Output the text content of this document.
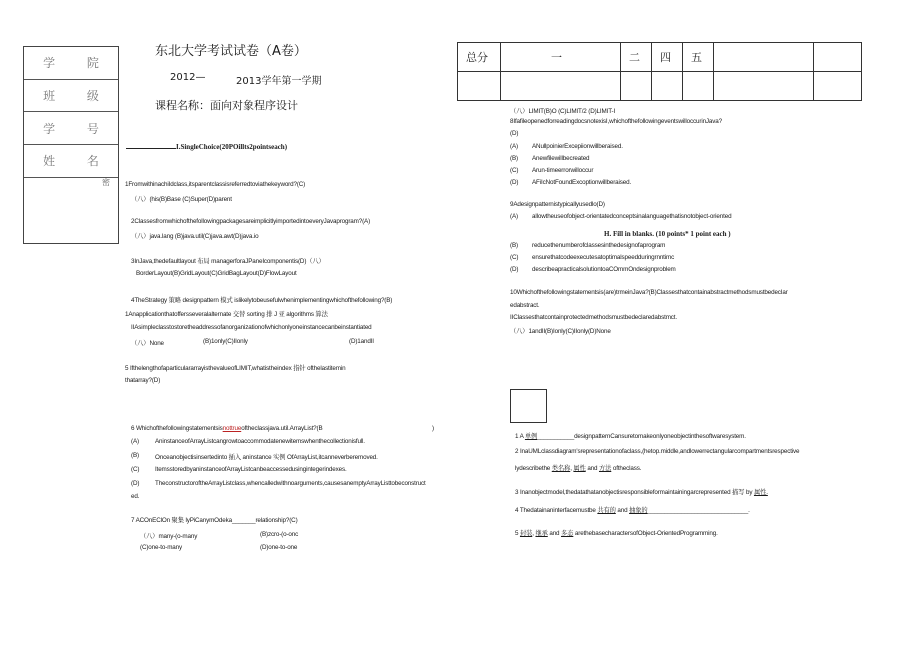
学 院
班 级
学 号
姓 名
密
东北大学考试试卷（A卷）
2012—	2013学年第一学期
课程名称：面向对象程序设计
总分	一	二	四	五		

I.SingleChoice(20POillts2pointseach)
1FromwithinachiIdclass,itsparentclassisreferredtoviathekeyword?(C)
（八）(his(B)Base (C)Super(D)parent
2ClassesfromwhichofthefollowingpackagesareimplicitlyimportedintoeveryJavaprogram?(A)
（八）java.lang (B)java.util(C)java.awt(D)java.io
3InJava,thedefaultlayout 布局 managerforaJPaneIcomponentis(D)（八）
BorderLayout(B)GridLayout(C)GridBagLayout(D)FlowLayout
4TheStrategy 策略 designpattern 模式 islikelytobeusefulwhenimplementingwhichofthefollowing?(B)
1Anapplicationthatoffersseveralalternate 交替 sorting 排 J 亚 algorithms 算法
IIAsimpleclasstostoretheaddressofanorganizationofwhichonlyoneinstancecanbeinstantiated
（八）None	(B)1only(C)IIonly	(D)1andII
5 IfthelengthofaparticulararrayisthevalueofLIMIT,whatistheindex 指针 ofthelastitemin
thatarray?(D)
6 Whichofthefollowingstatementsisnottrueoftheclassjava.util.ArrayList?(B	)
(A)	AninstanceofArrayListcangrowtoaccommodatenewitemswhenthecollectionisfull.
(B)	Onceanobjectisinsertedinto 插入 aninstance 实例 OfArrayList,itcanneverberemoved.
(C) ItemsstoredbyaninstanceofArrayListcanbeaccessedusingintegerindexes.
(D) TheconstructoroftheArrayListclass,whencalledwithnoarguments,causesanemptyArrayListtobeconstruct
ed.
7 ACOnEClOn 聚集 lyPiCanymOdeka_______relationship?(C)
（八）many-(o-many	(B)zcro-(o-onc
(C)one-to-many	(D)one-to-one
（八）LIMIT(B)O (C)LIMIT/2 (D)LIMIT-I
8IfafileopenedforreadingdocsnotexisI,whichofthefollowingeventswilloccurinJava?
(D)
(A) ANullpoinierExcepiionwillberaised.
(B) Anewfilewillbecreated
(C) Arun-timeerrorwilloccur
(D) AFiIcNotFoundExcoptionwillberaised.
9Adesignpatternistypicallyusedlo(D)
(A) allowtheuseofobject-orientatedconceptsinalanguagethatisnotobject-oriented
H. Fill in blanks. (10 points* 1 point each )
(B) reducethenumberofclassesinthedesignofaprogram
(C) ensurethatcodeexecutesatoptimalspeedduringrnntimc
(D) describeapracticalsolutiontoaCOmmOndesignproblem
10Whichofthefollowingstatementsis(are)trmeinJava?(B)ClassesthatcontainabstractmethodsmustbedecIar
edabstract.
IIClassesthatcontainprotectedmethodsmustbedeclaredabstmct.
（八）1andII(B)Ionly(C)IIonly(D)None
1 A 单例___________designpatternCansuretomakeonlyoneobjectinthesoftwaresystem.
2 InaUMLclassdiagram'srepresentationofaclass,(hetop.middle,andlowerrectangularcompartmentsrespective
lydescribethe 类名称, 属性 and 方法 oftheclass.
3 Inanobjectmodel,thedatathatanobjectisresponsibleformaintainingarcrepresented 描写 by 属性.
4 Thedatainaninterfacemustbe 共有的 and 抽象的______________________________.
5 封装, 继承 and 多态 arethebasecharactersofObject-OrientedProgramming.
